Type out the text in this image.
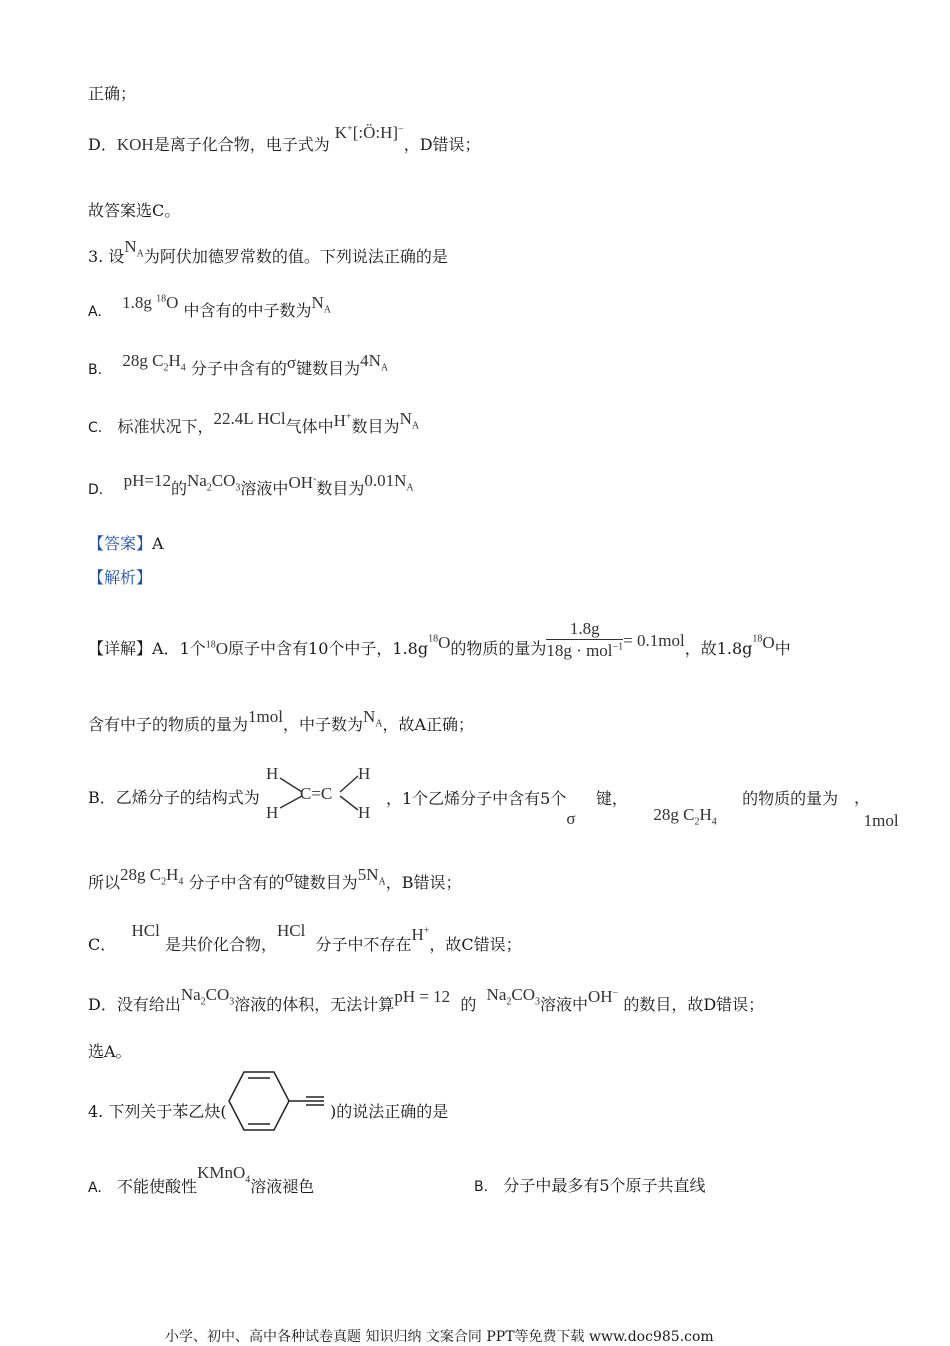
正确；
D．KOH是离子化合物，电子式为 K+[:Ö:H]−，D错误；
故答案选C。
3. 设$N_A$为阿伏加德罗常数的值。下列说法正确的是
A. 1.8g $^{18}$O 中含有的中子数为$N_A$
B. 28g $C_2H_4$ 分子中含有的σ键数目为$4N_A$
C. 标准状况下，22.4L HCl气体中H+数目为$N_A$
D. pH=12的$Na_2CO_3$溶液中OH-数目为$0.01N_A$
【答案】A
【解析】
【详解】A．1个$^{18}$O原子中含有10个中子，$1.8g^{18}O$的物质的量为 $\frac{1.8g}{18g \cdot mol^{-1}} = 0.1mol$，故$1.8g^{18}O$中
含有中子的物质的量为1mol，中子数为$N_A$，故A正确；
B．乙烯分子的结构式为
H
H
C=C
H
H
，1个乙烯分子中含有5个σ    键，     28g $C_2H_4$     的物质的量为     1mol
，
所以28g $C_2H_4$ 分子中含有的σ键数目为$5N_A$，B错误；
C．   HCl 是共价化合物，HCl  分子中不存在H+，故C错误；
D．没有给出$Na_2CO_3$溶液的体积，无法计算pH = 12 的  $Na_2CO_3$溶液中OH− 的数目，故D错误；
选A。
4. 下列关于苯乙炔(	)的说法正确的是
A. 不能使酸性KMnO$_4$溶液褪色	B. 分子中最多有5个原子共直线
小学、初中、高中各种试卷真题 知识归纳 文案合同 PPT等免费下载 www.doc985.com
